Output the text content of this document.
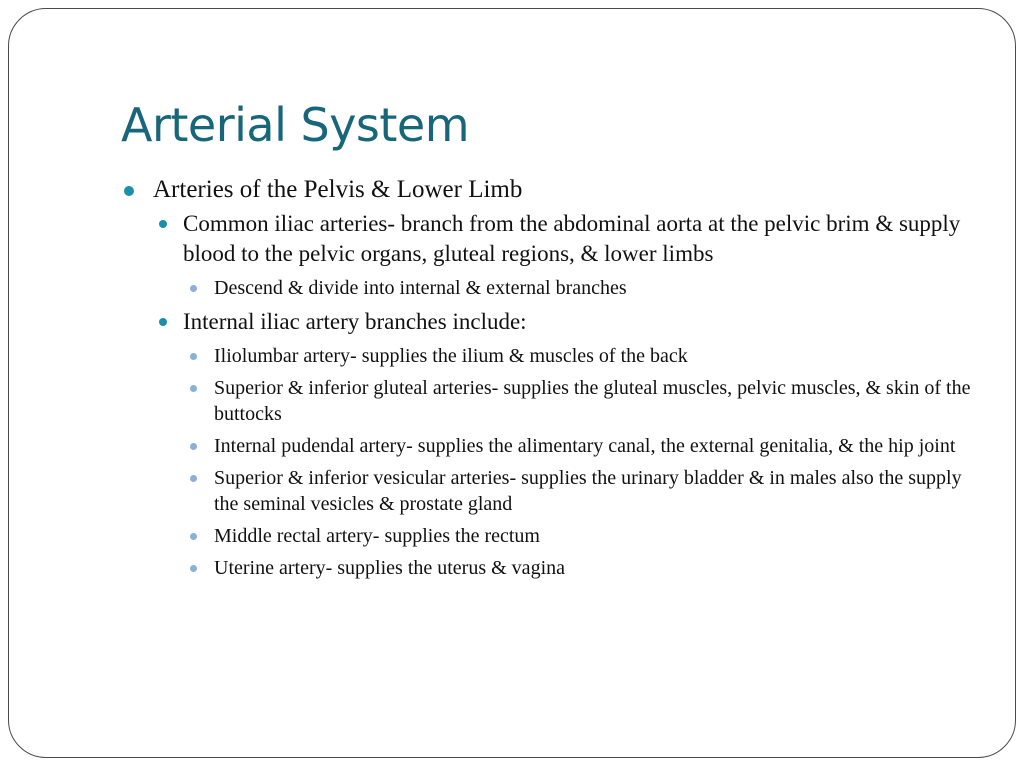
Arterial System
Arteries of the Pelvis & Lower Limb
Common iliac arteries- branch from the abdominal aorta at the pelvic brim & supply blood to the pelvic organs, gluteal regions, & lower limbs
Descend & divide into internal & external branches
Internal iliac artery branches include:
Iliolumbar artery- supplies the ilium & muscles of the back
Superior & inferior gluteal arteries- supplies the gluteal muscles, pelvic muscles, & skin of the buttocks
Internal pudendal artery- supplies the alimentary canal, the external genitalia, & the hip joint
Superior & inferior vesicular arteries- supplies the urinary bladder & in males also the supply the seminal vesicles & prostate gland
Middle rectal artery- supplies the rectum
Uterine artery- supplies the uterus & vagina
